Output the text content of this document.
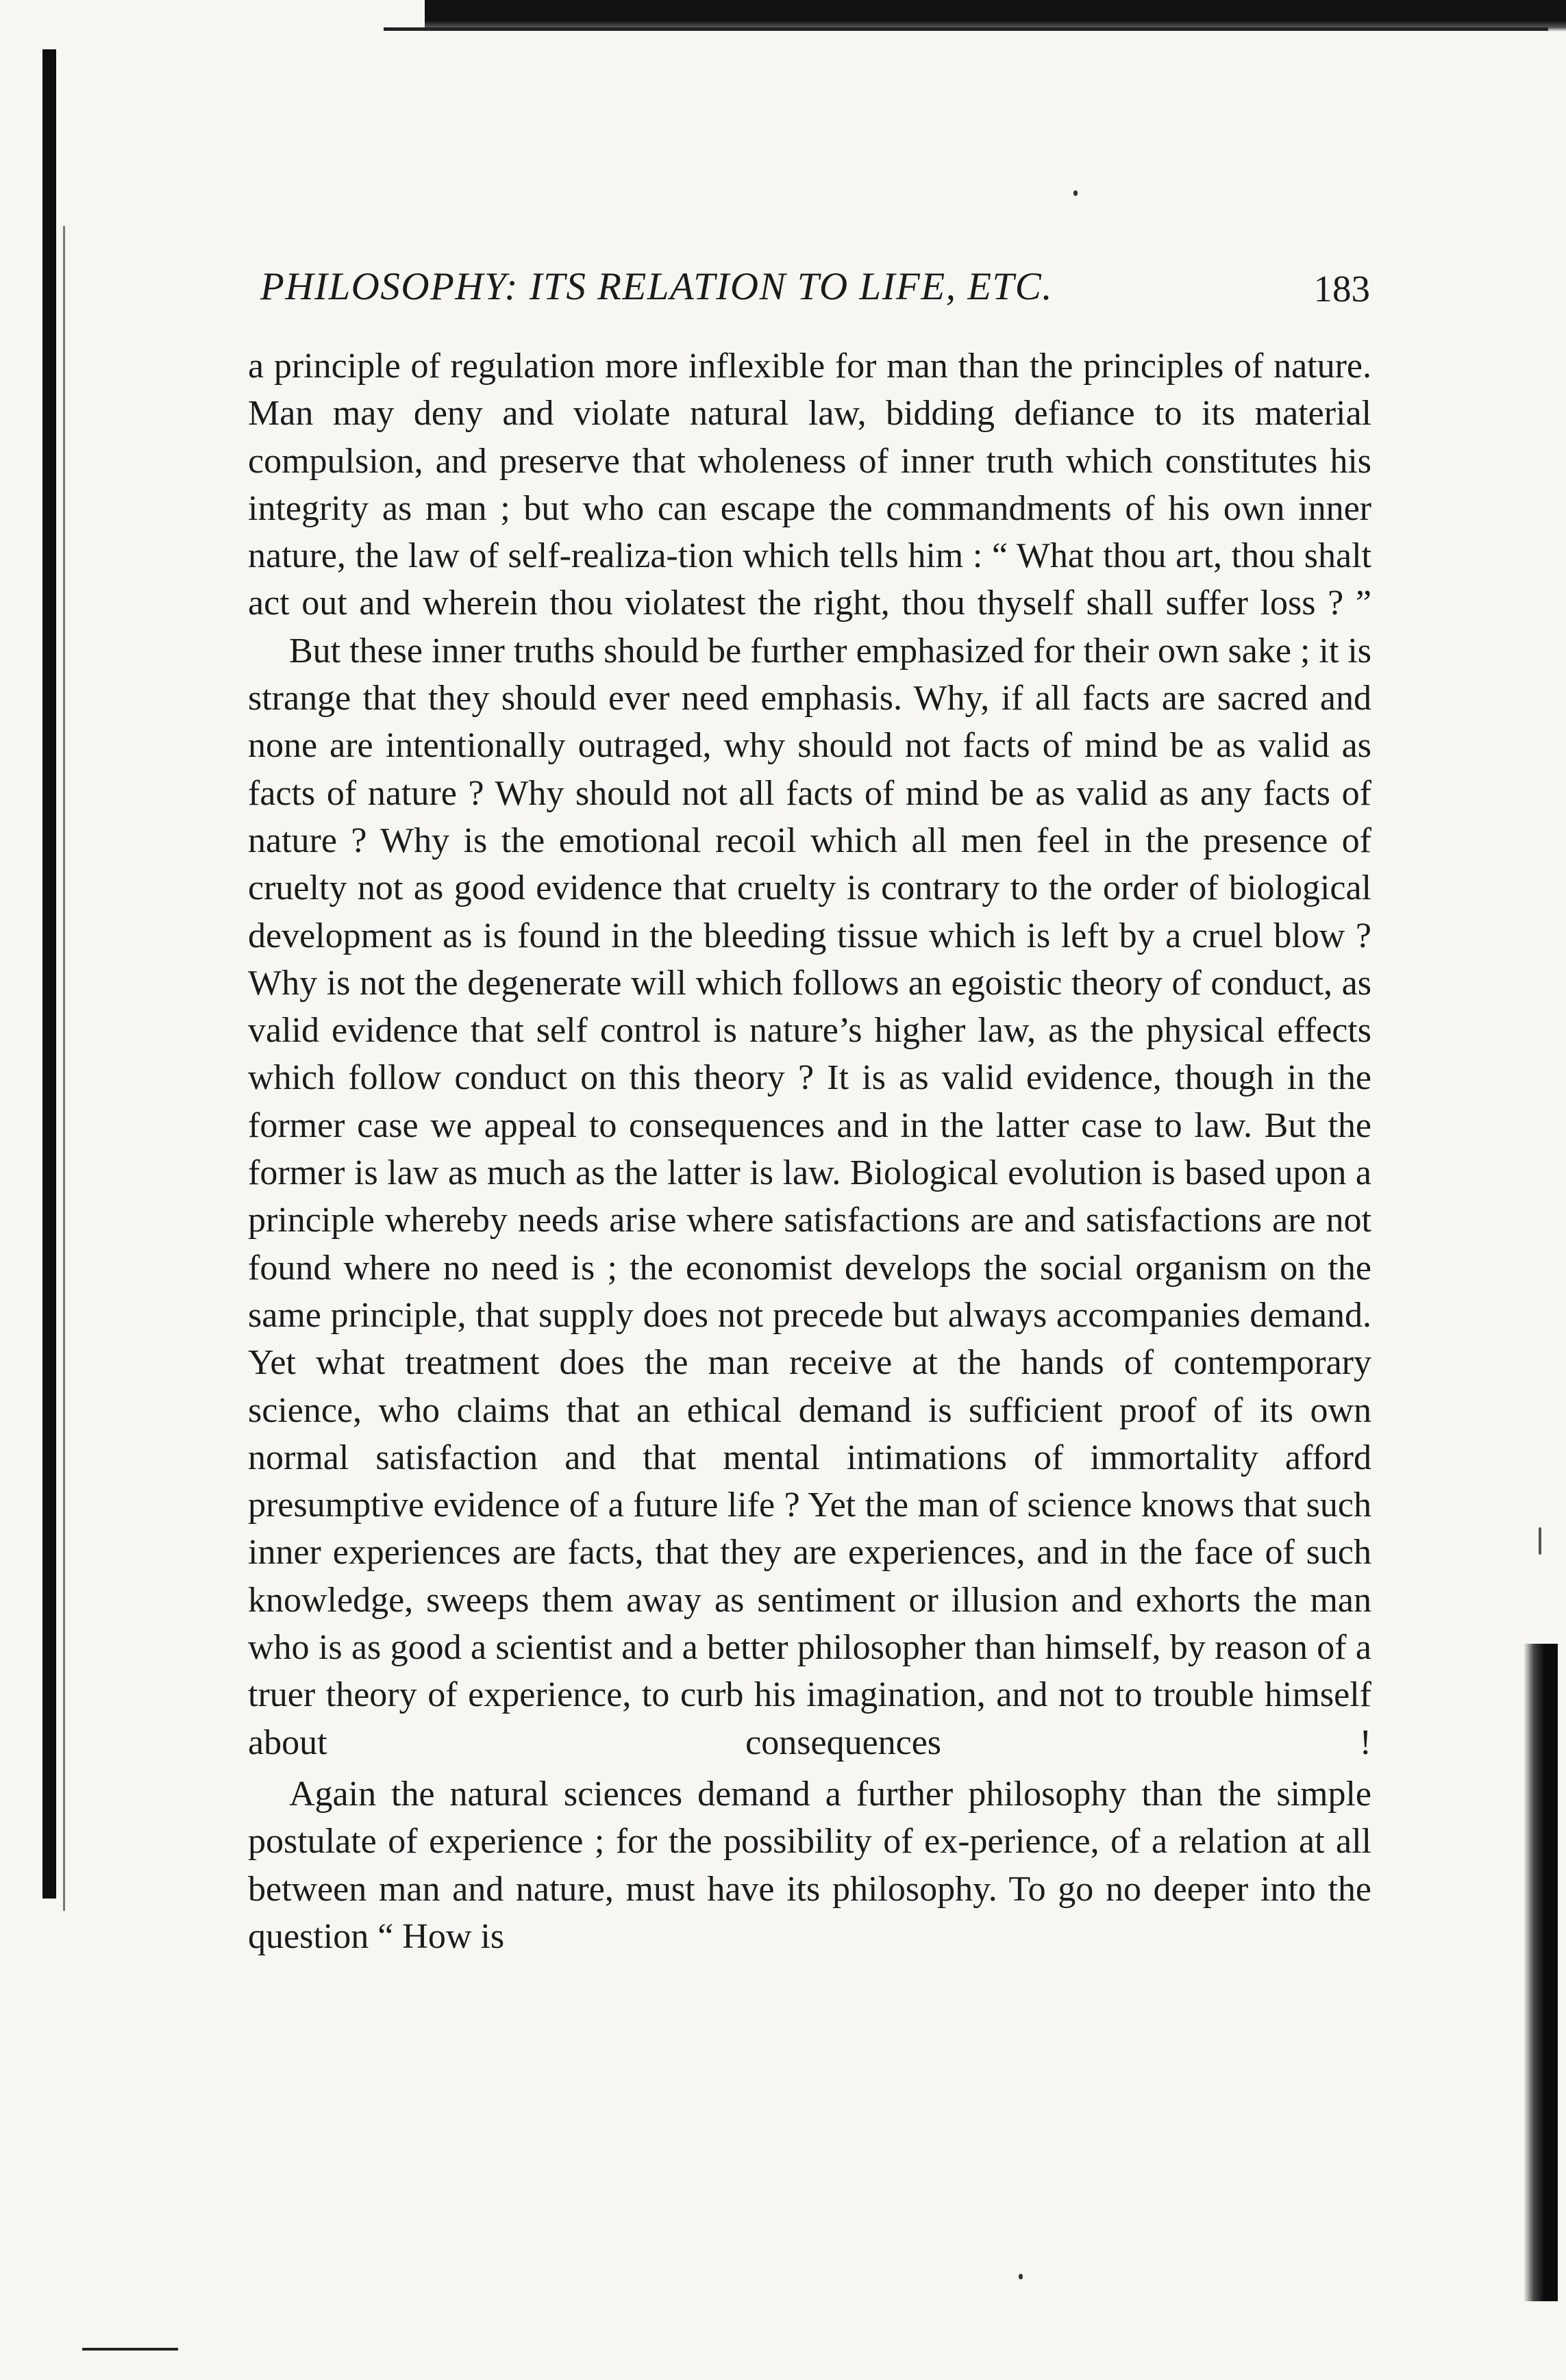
PHILOSOPHY: ITS RELATION TO LIFE, ETC.	183

a principle of regulation more inflexible for man than the principles of nature. Man may deny and violate natural law, bidding defiance to its material compulsion, and preserve that wholeness of inner truth which constitutes his integrity as man ; but who can escape the commandments of his own inner nature, the law of self-realiza-tion which tells him : “ What thou art, thou shalt act out and wherein thou violatest the right, thou thyself shall suffer loss ? ”

But these inner truths should be further emphasized for their own sake ; it is strange that they should ever need emphasis. Why, if all facts are sacred and none are intentionally outraged, why should not facts of mind be as valid as facts of nature ? Why should not all facts of mind be as valid as any facts of nature ? Why is the emotional recoil which all men feel in the presence of cruelty not as good evidence that cruelty is contrary to the order of biological development as is found in the bleeding tissue which is left by a cruel blow ? Why is not the degenerate will which follows an egoistic theory of conduct, as valid evidence that self control is nature’s higher law, as the physical effects which follow conduct on this theory ? It is as valid evidence, though in the former case we appeal to consequences and in the latter case to law. But the former is law as much as the latter is law. Biological evolution is based upon a principle whereby needs arise where satisfactions are and satisfactions are not found where no need is ; the economist develops the social organism on the same principle, that supply does not precede but always accompanies demand. Yet what treatment does the man receive at the hands of contemporary science, who claims that an ethical demand is sufficient proof of its own normal satisfaction and that mental intimations of immortality afford presumptive evidence of a future life ? Yet the man of science knows that such inner experiences are facts, that they are experiences, and in the face of such knowledge, sweeps them away as sentiment or illusion and exhorts the man who is as good a scientist and a better philosopher than himself, by reason of a truer theory of experience, to curb his imagination, and not to trouble himself about consequences !

Again the natural sciences demand a further philosophy than the simple postulate of experience ; for the possibility of ex-perience, of a relation at all between man and nature, must have its philosophy. To go no deeper into the question “ How is
